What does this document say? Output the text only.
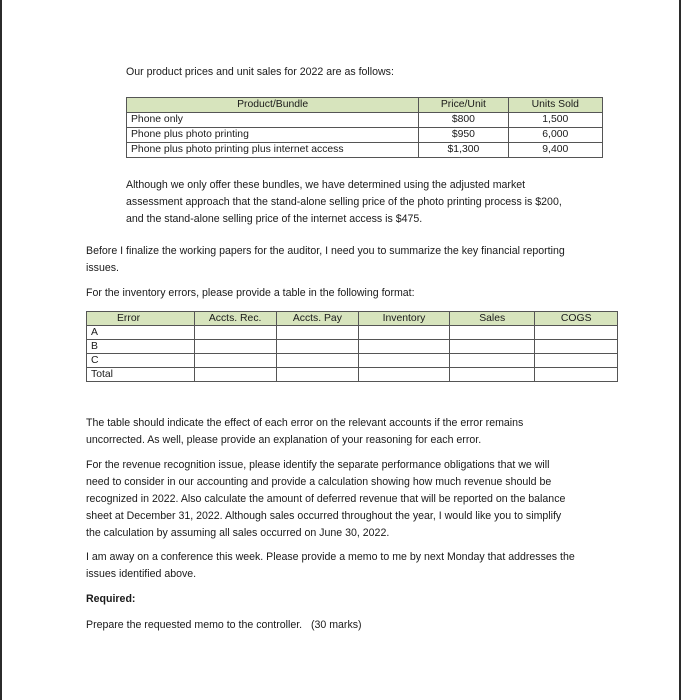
Our product prices and unit sales for 2022 are as follows:
Product/Bundle	Price/Unit	Units Sold
Phone only	$800	1,500
Phone plus photo printing	$950	6,000
Phone plus photo printing plus internet access	$1,300	9,400
Although we only offer these bundles, we have determined using the adjusted market
assessment approach that the stand-alone selling price of the photo printing process is $200,
and the stand-alone selling price of the internet access is $475.
Before I finalize the working papers for the auditor, I need you to summarize the key financial reporting
issues.
For the inventory errors, please provide a table in the following format:
Error	Accts. Rec.	Accts. Pay	Inventory	Sales	COGS
A					
B					
C					
Total					
The table should indicate the effect of each error on the relevant accounts if the error remains
uncorrected. As well, please provide an explanation of your reasoning for each error.
For the revenue recognition issue, please identify the separate performance obligations that we will
need to consider in our accounting and provide a calculation showing how much revenue should be
recognized in 2022. Also calculate the amount of deferred revenue that will be reported on the balance
sheet at December 31, 2022. Although sales occurred throughout the year, I would like you to simplify
the calculation by assuming all sales occurred on June 30, 2022.
I am away on a conference this week. Please provide a memo to me by next Monday that addresses the
issues identified above.
Required:
Prepare the requested memo to the controller.   (30 marks)
